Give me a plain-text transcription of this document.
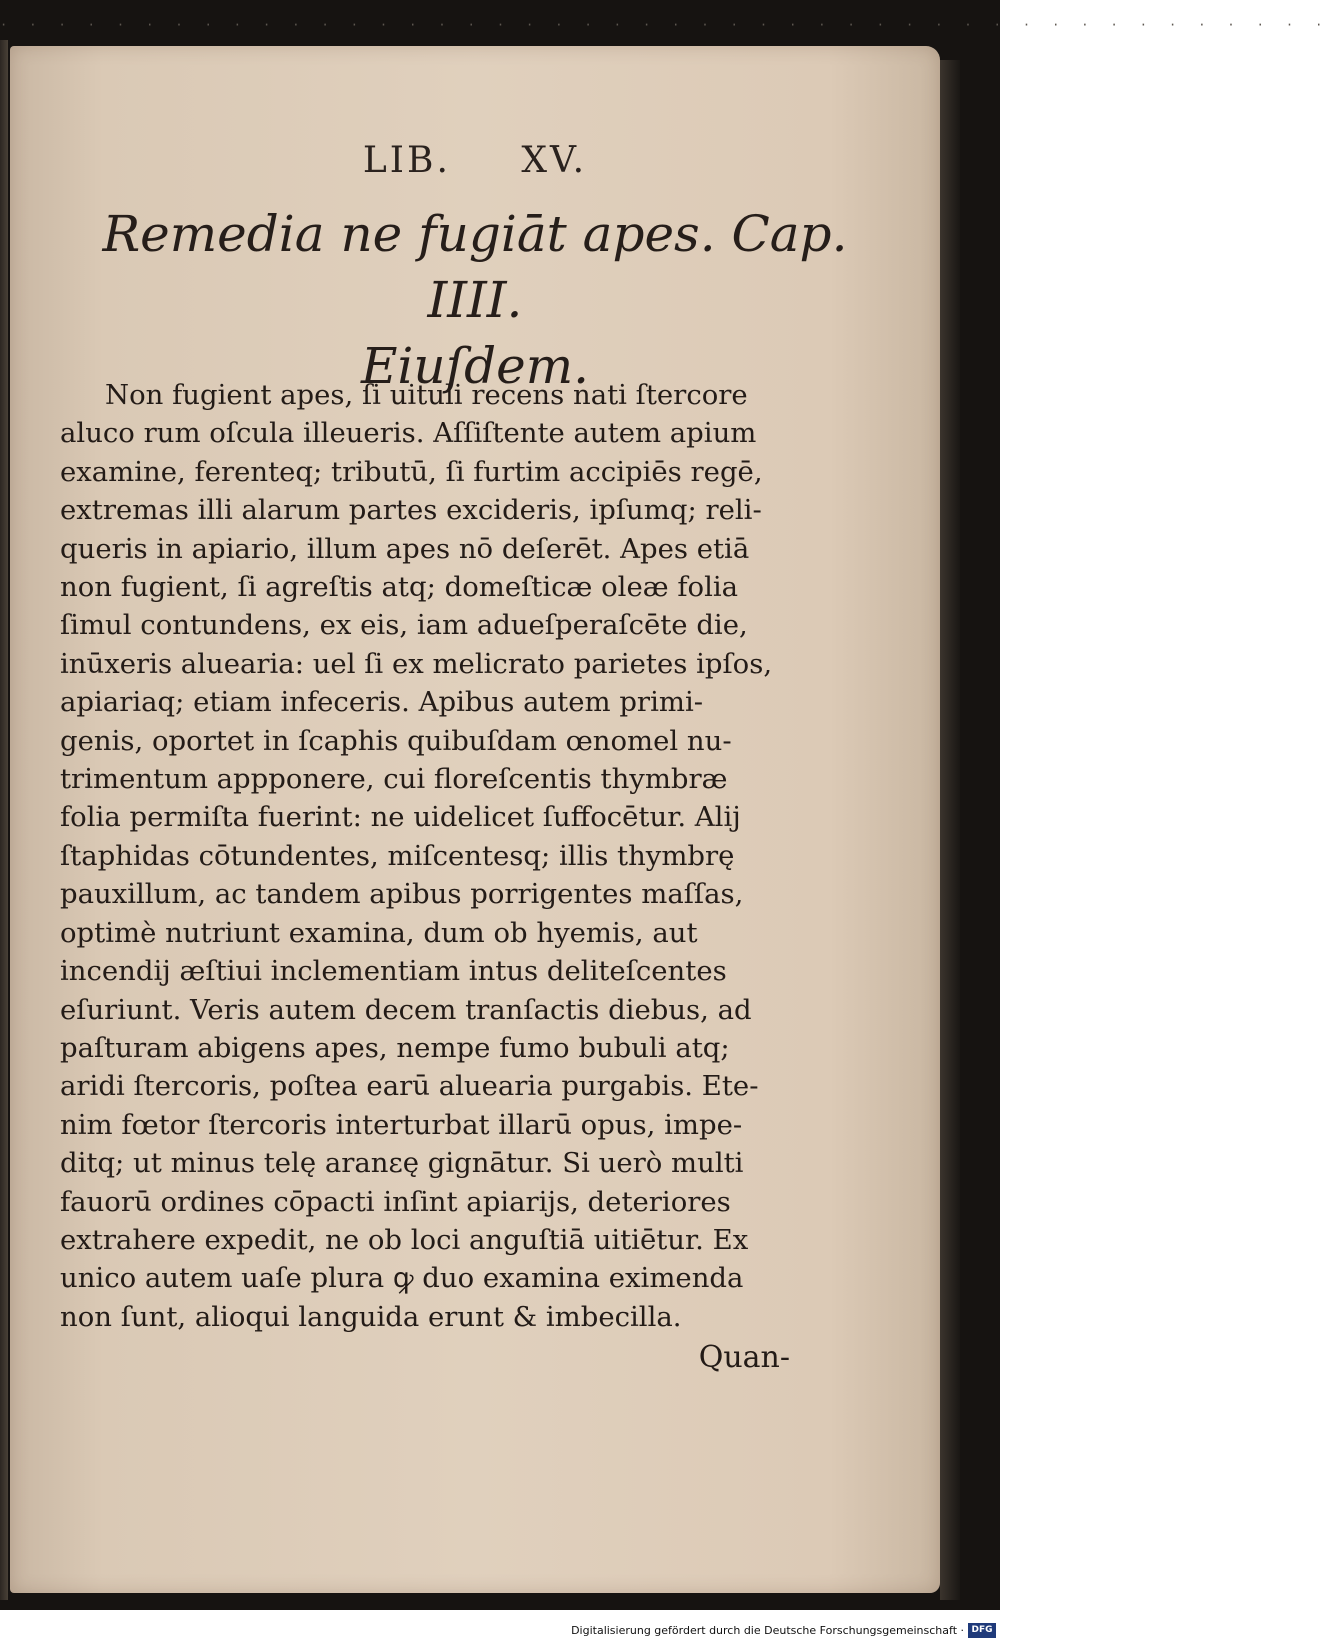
··············································
LIB. XV.
Remedia ne fugiāt apes. Cap. IIII.
Eiuſdem.
Non fugient apes, ſi uituli recens nati ſtercore
aluco rum oſcula illeueris. Aſſiſtente autem apium
examine, ferenteq; tributū, ſi furtim accipiēs regē,
extremas illi alarum partes excideris, ipſumq; reli-
queris in apiario, illum apes nō deſerēt. Apes etiā
non fugient, ſi agreſtis atq; domeſticæ oleæ folia
ſimul contundens, ex eis, iam adueſperaſcēte die,
inūxeris aluearia: uel ſi ex melicrato parietes ipſos,
apiariaq; etiam infeceris. Apibus autem primi-
genis, oportet in ſcaphis quibuſdam œnomel nu-
trimentum appponere, cui floreſcentis thymbræ
folia permiſta fuerint: ne uidelicet ſuffocētur. Alij
ſtaphidas cōtundentes, miſcentesq; illis thymbrę
pauxillum, ac tandem apibus porrigentes maſſas,
optimè nutriunt examina, dum ob hyemis, aut
incendij æſtiui inclementiam intus deliteſcentes
eſuriunt. Veris autem decem tranſactis diebus, ad
paſturam abigens apes, nempe fumo bubuli atq;
aridi ſtercoris, poſtea earū aluearia purgabis. Ete-
nim fœtor ſtercoris interturbat illarū opus, impe-
ditq; ut minus telę aranεę gignātur. Si uerò multi
fauorū ordines cōpacti inſint apiarijs, deteriores
extrahere expedit, ne ob loci anguſtiā uitiētur. Ex
unico autem uaſe plura ꝙ duo examina eximenda
non ſunt, alioqui languida erunt & imbecilla.
Quan-
Digitalisierung gefördert durch die Deutsche Forschungsgemeinschaft · DFG
